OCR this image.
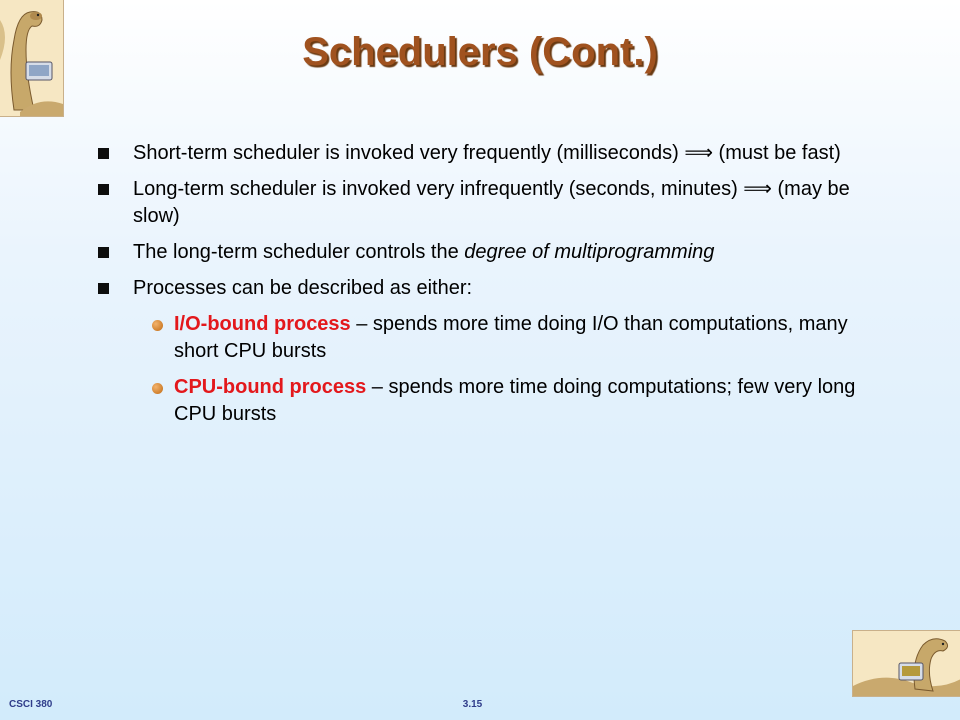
Schedulers (Cont.)
Short-term scheduler is invoked very frequently (milliseconds) ⟹ (must be fast)
Long-term scheduler is invoked very infrequently (seconds, minutes) ⟹ (may be slow)
The long-term scheduler controls the degree of multiprogramming
Processes can be described as either:
I/O-bound process – spends more time doing I/O than computations, many short CPU bursts
CPU-bound process – spends more time doing computations; few very long CPU bursts
CSCI 380	3.15
